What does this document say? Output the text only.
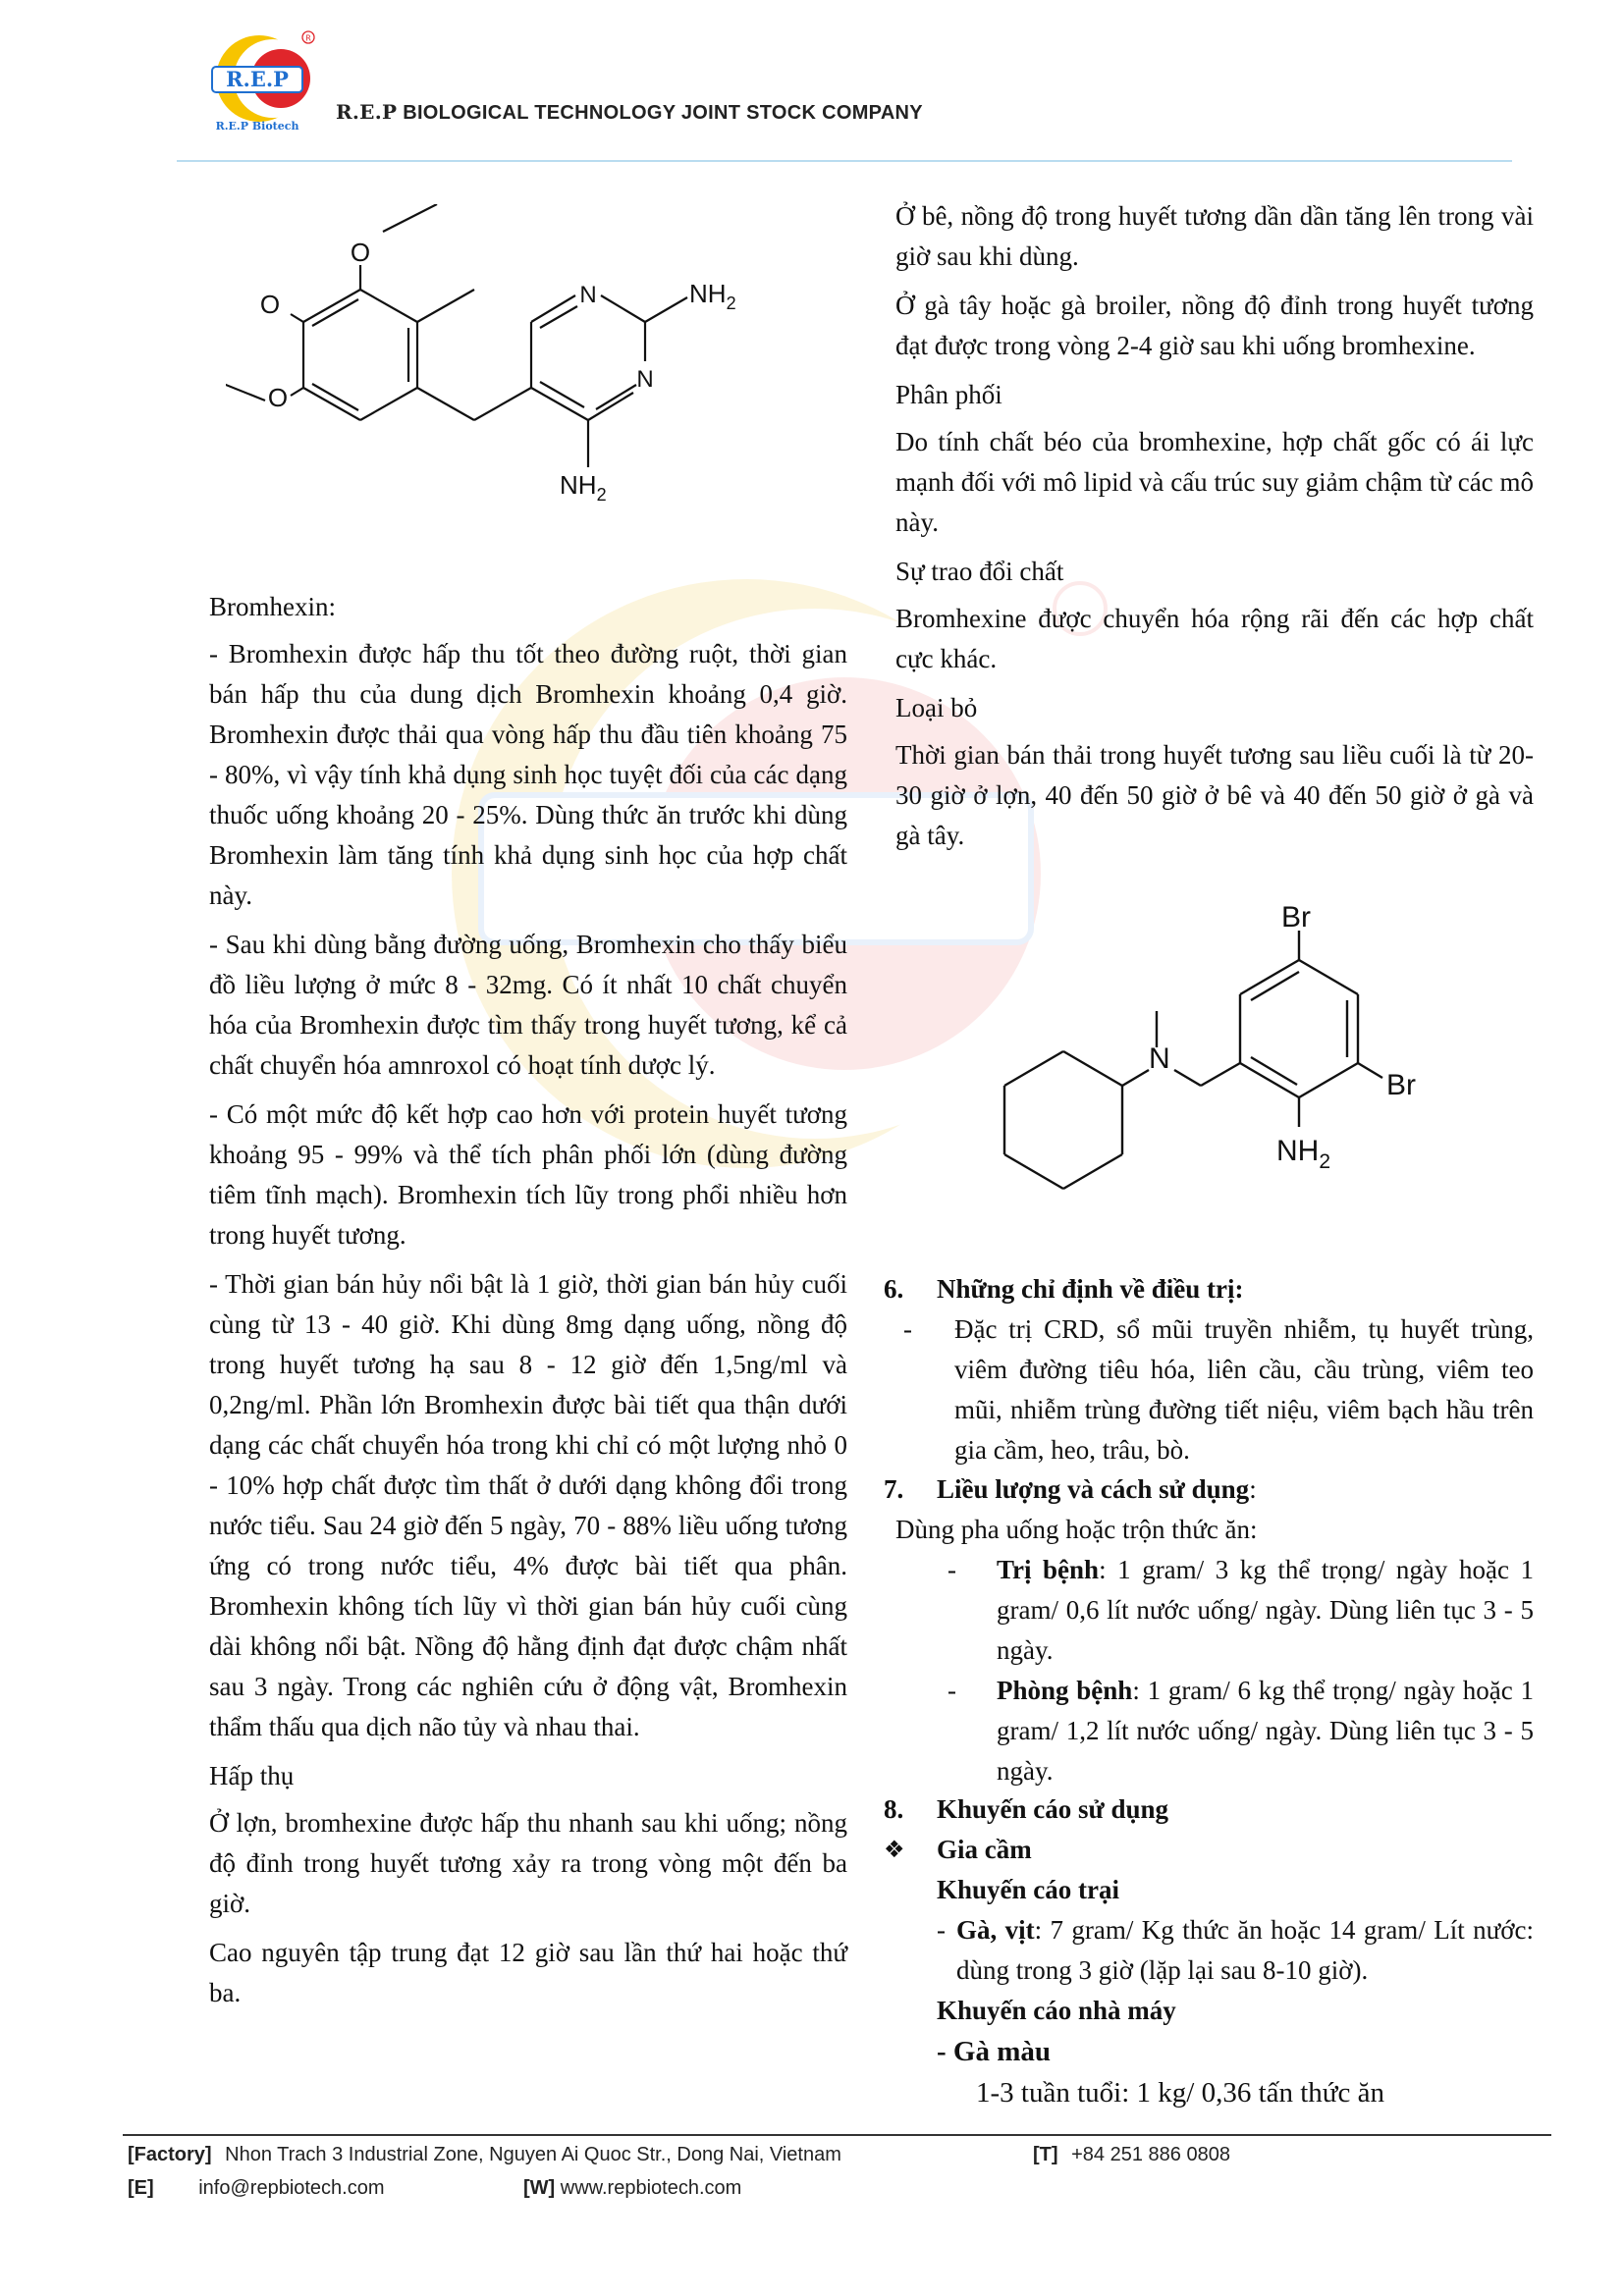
R.E.P
R.E.P Biotech
R
R.E.P BIOLOGICAL TECHNOLOGY JOINT STOCK COMPANY
O
O
O
N
N
$NH_2$
$NH_2$

Bromhexin:

- Bromhexin được hấp thu tốt theo đường ruột, thời gian bán hấp thu của dung dịch Bromhexin khoảng 0,4 giờ. Bromhexin được thải qua vòng hấp thu đầu tiên khoảng 75 - 80%, vì vậy tính khả dụng sinh học tuyệt đối của các dạng thuốc uống khoảng 20 - 25%. Dùng thức ăn trước khi dùng Bromhexin làm tăng tính khả dụng sinh học của hợp chất này.

- Sau khi dùng bằng đường uống, Bromhexin cho thấy biểu đồ liều lượng ở mức 8 - 32mg. Có ít nhất 10 chất chuyển hóa của Bromhexin được tìm thấy trong huyết tương, kể cả chất chuyển hóa amnroxol có hoạt tính dược lý.

- Có một mức độ kết hợp cao hơn với protein huyết tương khoảng 95 - 99% và thể tích phân phối lớn (dùng đường tiêm tĩnh mạch). Bromhexin tích lũy trong phổi nhiều hơn trong huyết tương.

- Thời gian bán hủy nổi bật là 1 giờ, thời gian bán hủy cuối cùng từ 13 - 40 giờ. Khi dùng 8mg dạng uống, nồng độ trong huyết tương hạ sau 8 - 12 giờ đến 1,5ng/ml và 0,2ng/ml. Phần lớn Bromhexin được bài tiết qua thận dưới dạng các chất chuyển hóa trong khi chỉ có một lượng nhỏ 0 - 10% hợp chất được tìm thất ở dưới dạng không đổi trong nước tiểu. Sau 24 giờ đến 5 ngày, 70 - 88% liều uống tương ứng có trong nước tiểu, 4% được bài tiết qua phân. Bromhexin không tích lũy vì thời gian bán hủy cuối cùng dài không nổi bật. Nồng độ hằng định đạt được chậm nhất sau 3 ngày. Trong các nghiên cứu ở động vật, Bromhexin thẩm thấu qua dịch não tủy và nhau thai.

Hấp thụ

Ở lợn, bromhexine được hấp thu nhanh sau khi uống; nồng độ đỉnh trong huyết tương xảy ra trong vòng một đến ba giờ.

Cao nguyên tập trung đạt 12 giờ sau lần thứ hai hoặc thứ ba.

Ở bê, nồng độ trong huyết tương dần dần tăng lên trong vài giờ sau khi dùng.

Ở gà tây hoặc gà broiler, nồng độ đỉnh trong huyết tương đạt được trong vòng 2-4 giờ sau khi uống bromhexine.

Phân phối

Do tính chất béo của bromhexine, hợp chất gốc có ái lực mạnh đối với mô lipid và cấu trúc suy giảm chậm từ các mô này.

Sự trao đổi chất

Bromhexine được chuyển hóa rộng rãi đến các hợp chất cực khác.

Loại bỏ

Thời gian bán thải trong huyết tương sau liều cuối là từ 20-30 giờ ở lợn, 40 đến 50 giờ ở bê và 40 đến 50 giờ ở gà và gà tây.

Br
Br
N
$NH_2$
6. Những chỉ định về điều trị:
-	Đặc trị CRD, sổ mũi truyền nhiễm, tụ huyết trùng, viêm đường tiêu hóa, liên cầu, cầu trùng, viêm teo mũi, nhiễm trùng đường tiết niệu, viêm bạch hầu trên gia cầm, heo, trâu, bò.
7. Liều lượng và cách sử dụng:
Dùng pha uống hoặc trộn thức ăn:
-	Trị bệnh: 1 gram/ 3 kg thể trọng/ ngày hoặc 1 gram/ 0,6 lít nước uống/ ngày. Dùng liên tục 3 - 5 ngày.
-	Phòng bệnh: 1 gram/ 6 kg thể trọng/ ngày hoặc 1 gram/ 1,2 lít nước uống/ ngày. Dùng liên tục 3 - 5 ngày.
8. Khuyến cáo sử dụng
❖ Gia cầm
Khuyến cáo trại
- Gà, vịt: 7 gram/ Kg thức ăn hoặc 14 gram/ Lít nước: dùng trong 3 giờ (lặp lại sau 8-10 giờ).
Khuyến cáo nhà máy
- Gà màu
1-3 tuần tuổi: 1 kg/ 0,36 tấn thức ăn
[Factory] Nhon Trach 3 Industrial Zone, Nguyen Ai Quoc Str., Dong Nai, Vietnam	[T] +84 251 886 0808
[E] info@repbiotech.com	[W] www.repbiotech.com
